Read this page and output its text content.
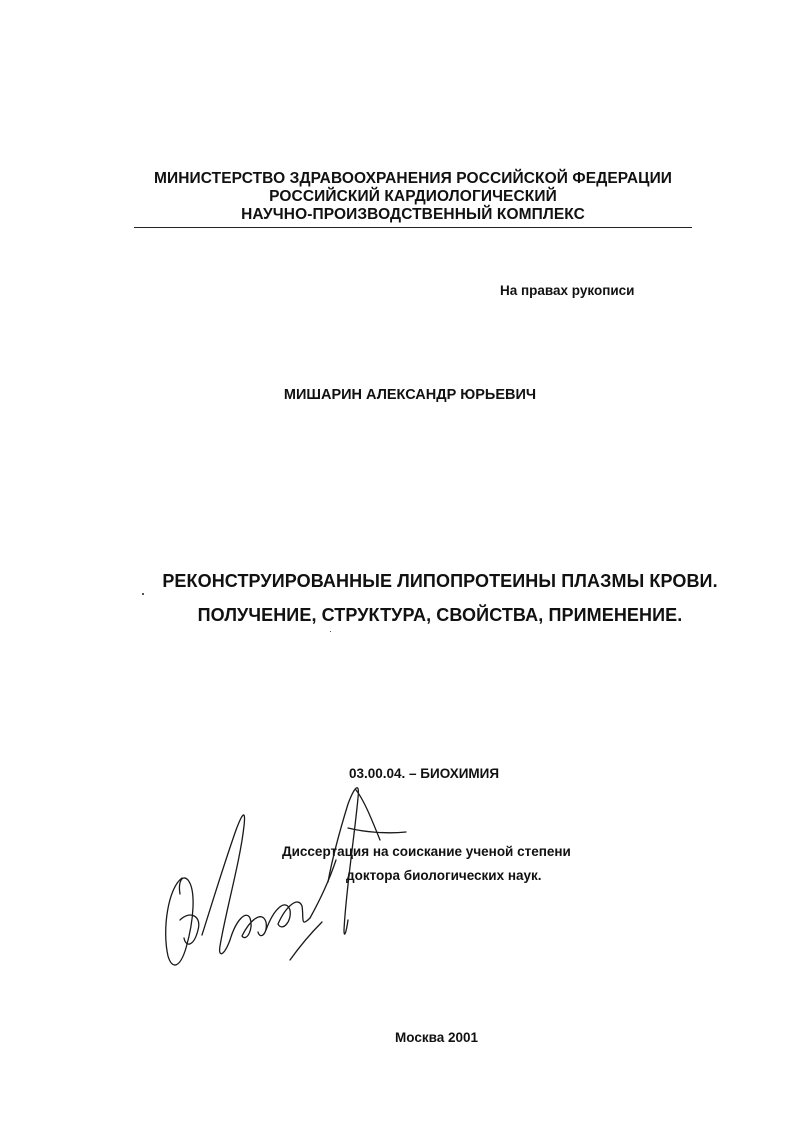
МИНИСТЕРСТВО ЗДРАВООХРАНЕНИЯ РОССИЙСКОЙ ФЕДЕРАЦИИ
РОССИЙСКИЙ КАРДИОЛОГИЧЕСКИЙ
НАУЧНО-ПРОИЗВОДСТВЕННЫЙ КОМПЛЕКС
На правах рукописи
МИШАРИН АЛЕКСАНДР ЮРЬЕВИЧ
РЕКОНСТРУИРОВАННЫЕ ЛИПОПРОТЕИНЫ ПЛАЗМЫ КРОВИ.
ПОЛУЧЕНИЕ, СТРУКТУРА, СВОЙСТВА, ПРИМЕНЕНИЕ.
03.00.04. – БИОХИМИЯ
Диссертация на соискание ученой степени
доктора биологических наук.
Москва 2001
